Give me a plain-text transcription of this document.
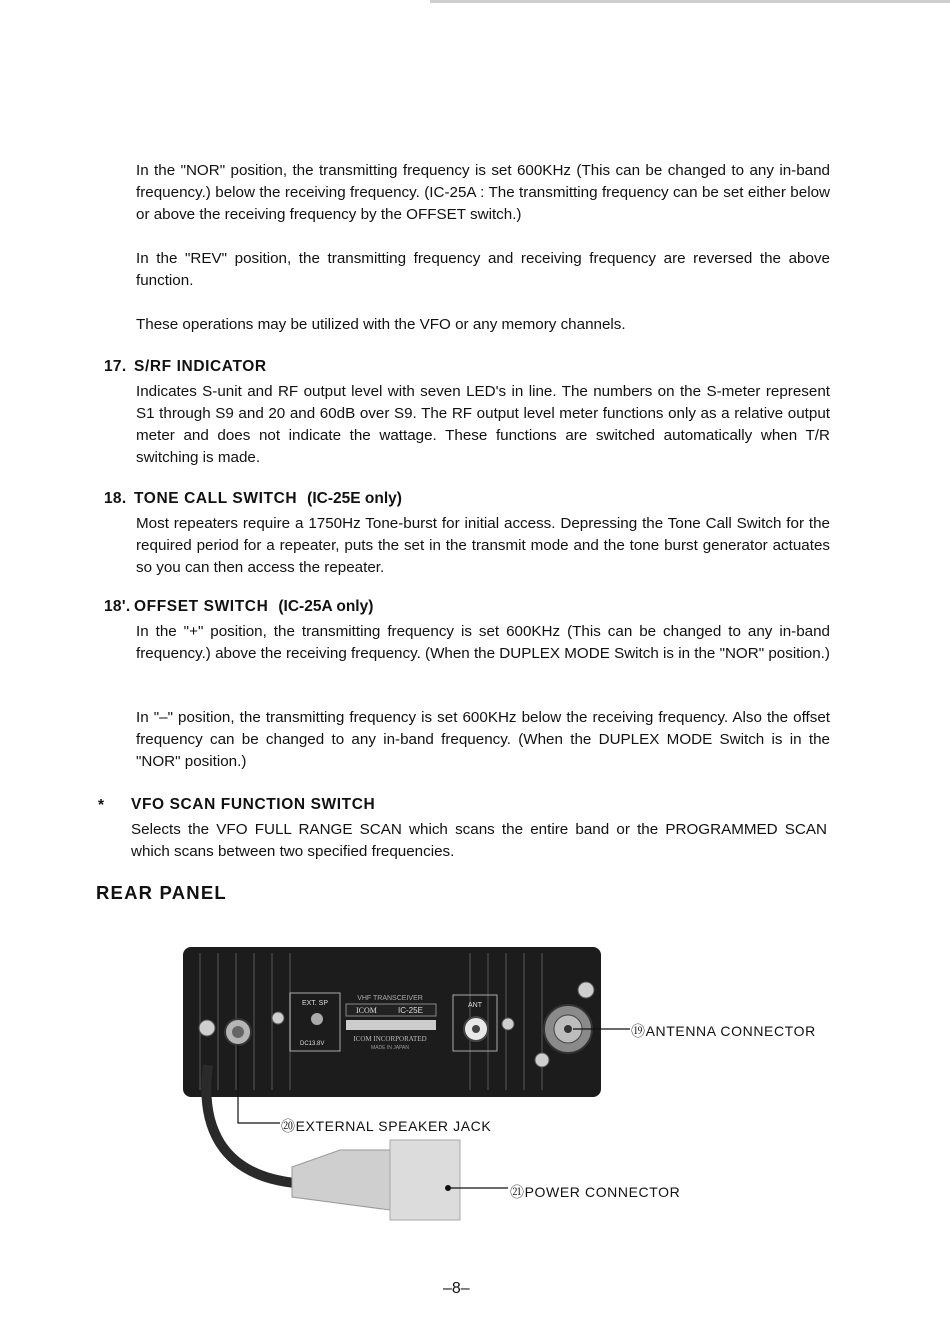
In the "NOR" position, the transmitting frequency is set 600KHz (This can be changed to any in-band frequency.) below the receiving frequency. (IC-25A : The transmitting frequency can be set either below or above the receiving frequency by the OFFSET switch.)

In the "REV" position, the transmitting frequency and receiving frequency are reversed the above function.

These operations may be utilized with the VFO or any memory channels.

17. S/RF INDICATOR

Indicates S-unit and RF output level with seven LED's in line. The numbers on the S-meter represent S1 through S9 and 20 and 60dB over S9. The RF output level meter functions only as a relative output meter and does not indicate the wattage. These functions are switched automatically when T/R switching is made.

18. TONE CALL SWITCH (IC-25E only)

Most repeaters require a 1750Hz Tone-burst for initial access. Depressing the Tone Call Switch for the required period for a repeater, puts the set in the transmit mode and the tone burst generator actuates so you can then access the repeater.

18'. OFFSET SWITCH (IC-25A only)

In the "+" position, the transmitting frequency is set 600KHz (This can be changed to any in-band frequency.) above the receiving frequency. (When the DUPLEX MODE Switch is in the "NOR" position.)

In "–" position, the transmitting frequency is set 600KHz below the receiving frequency. Also the offset frequency can be changed to any in-band frequency. (When the DUPLEX MODE Switch is in the "NOR" position.)

* VFO SCAN FUNCTION SWITCH

Selects the VFO FULL RANGE SCAN which scans the entire band or the PROGRAMMED SCAN which scans between two specified frequencies.

REAR PANEL
EXT. SP
DC13.8V
VHF TRANSCEIVER
ICOM	IC-25E
ICOM INCORPORATED
MADE IN JAPAN
ANT
⑲ANTENNA CONNECTOR
⑳EXTERNAL SPEAKER JACK
㉑POWER CONNECTOR
–8–
